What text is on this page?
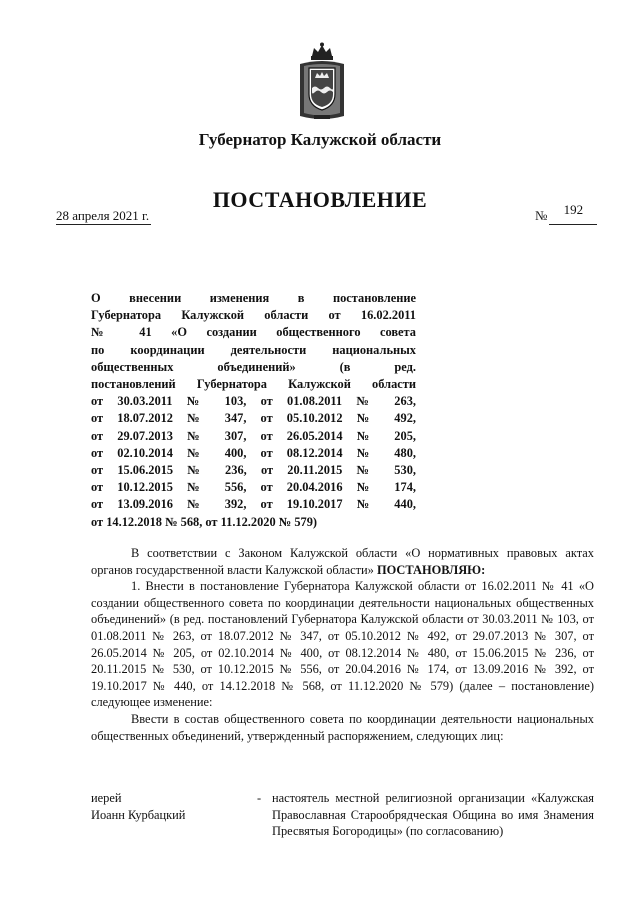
Губернатор Калужской области
ПОСТАНОВЛЕНИЕ
28 апреля 2021 г.	№ 192
О внесении изменения в постановление
Губернатора Калужской области от 16.02.2011
№ 41 «О создании общественного совета
по координации деятельности национальных
общественных объединений» (в ред.
постановлений Губернатора Калужской области
от 30.03.2011 № 103, от 01.08.2011 № 263,
от 18.07.2012 № 347, от 05.10.2012 № 492,
от 29.07.2013 № 307, от 26.05.2014 № 205,
от 02.10.2014 № 400, от 08.12.2014 № 480,
от 15.06.2015 № 236, от 20.11.2015 № 530,
от 10.12.2015 № 556, от 20.04.2016 № 174,
от 13.09.2016 № 392, от 19.10.2017 № 440,
от 14.12.2018 № 568, от 11.12.2020 № 579)

В соответствии с Законом Калужской области «О нормативных правовых актах органов государственной власти Калужской области» ПОСТАНОВЛЯЮ:

1. Внести в постановление Губернатора Калужской области от 16.02.2011 № 41 «О создании общественного совета по координации деятельности национальных общественных объединений» (в ред. постановлений Губернатора Калужской области от 30.03.2011 № 103, от 01.08.2011 № 263, от 18.07.2012 № 347, от 05.10.2012 № 492, от 29.07.2013 № 307, от 26.05.2014 № 205, от 02.10.2014 № 400, от 08.12.2014 № 480, от 15.06.2015 № 236, от 20.11.2015 № 530, от 10.12.2015 № 556, от 20.04.2016 № 174, от 13.09.2016 № 392, от 19.10.2017 № 440, от 14.12.2018 № 568, от 11.12.2020 № 579) (далее – постановление) следующее изменение:

Ввести в состав общественного совета по координации деятельности национальных общественных объединений, утвержденный распоряжением, следующих лиц:

иерей
Иоанн Курбацкий
- настоятель местной религиозной организации «Калужская Православная Старообрядческая Община во имя Знамения Пресвятыя Богородицы» (по согласованию)
